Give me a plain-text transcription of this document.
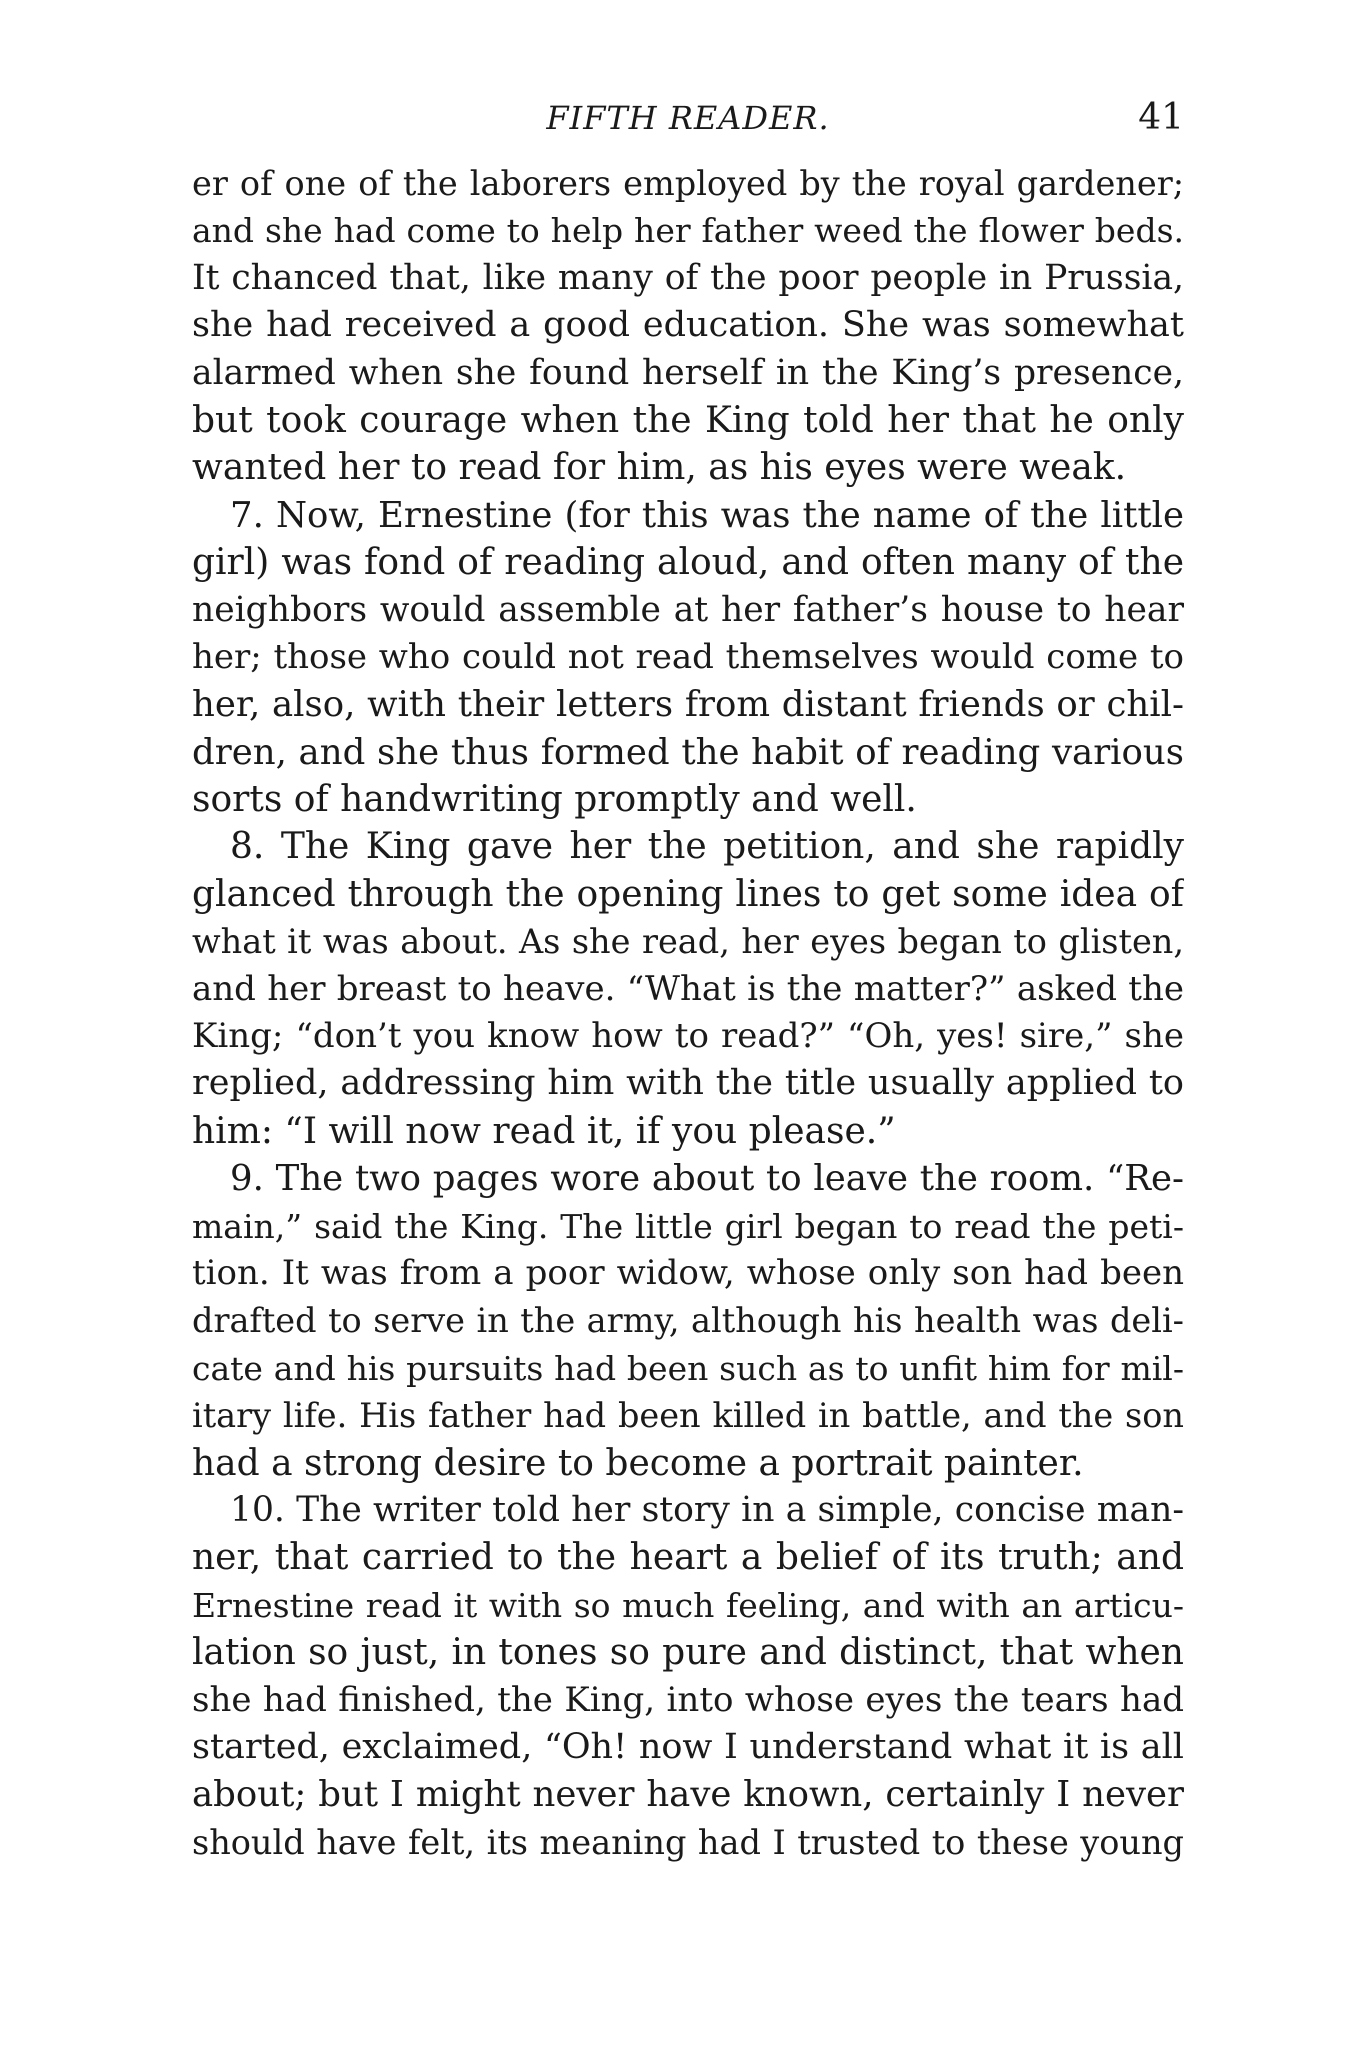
FIFTH READER.	41
er of one of the laborers employed by the royal gardener;
and she had come to help her father weed the flower beds.
It chanced that, like many of the poor people in Prussia,
she had received a good education. She was somewhat
alarmed when she found herself in the King’s presence,
but took courage when the King told her that he only
wanted her to read for him, as his eyes were weak.
7. Now, Ernestine (for this was the name of the little
girl) was fond of reading aloud, and often many of the
neighbors would assemble at her father’s house to hear
her; those who could not read themselves would come to
her, also, with their letters from distant friends or chil-
dren, and she thus formed the habit of reading various
sorts of handwriting promptly and well.
8. The King gave her the petition, and she rapidly
glanced through the opening lines to get some idea of
what it was about. As she read, her eyes began to glisten,
and her breast to heave. “What is the matter?” asked the
King; “don’t you know how to read?” “Oh, yes! sire,” she
replied, addressing him with the title usually applied to
him: “I will now read it, if you please.”
9. The two pages wore about to leave the room. “Re-
main,” said the King. The little girl began to read the peti-
tion. It was from a poor widow, whose only son had been
drafted to serve in the army, although his health was deli-
cate and his pursuits had been such as to unfit him for mil-
itary life. His father had been killed in battle, and the son
had a strong desire to become a portrait painter.
10. The writer told her story in a simple, concise man-
ner, that carried to the heart a belief of its truth; and
Ernestine read it with so much feeling, and with an articu-
lation so just, in tones so pure and distinct, that when
she had finished, the King, into whose eyes the tears had
started, exclaimed, “Oh! now I understand what it is all
about; but I might never have known, certainly I never
should have felt, its meaning had I trusted to these young
